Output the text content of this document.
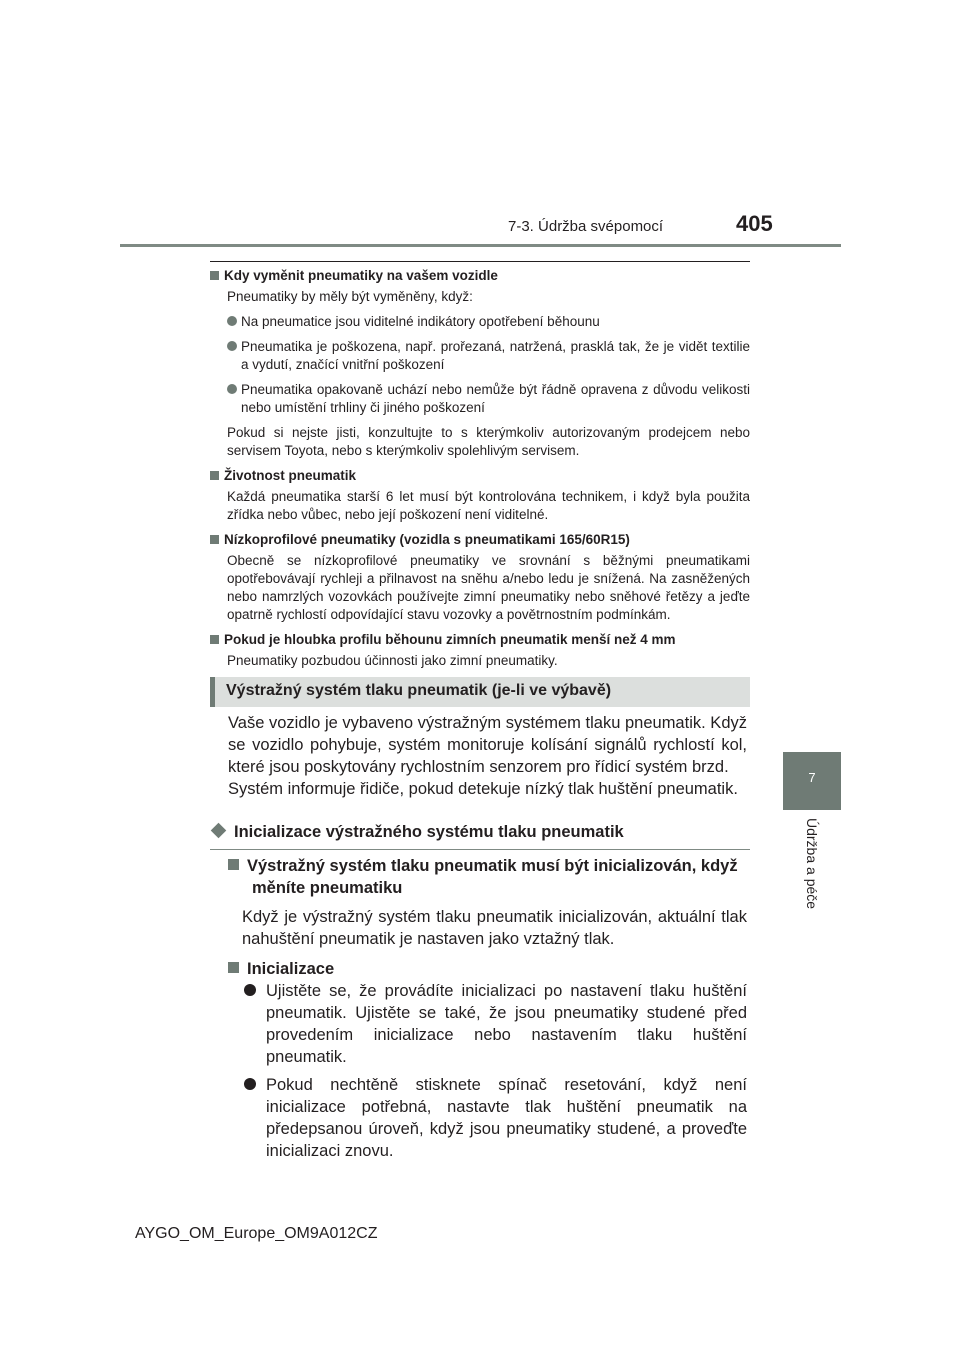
7-3. Údržba svépomocí	405
7
Údržba a péče
Kdy vyměnit pneumatiky na vašem vozidle
Pneumatiky by měly být vyměněny, když:
Na pneumatice jsou viditelné indikátory opotřebení běhounu
Pneumatika je poškozena, např. prořezaná, natržená, prasklá tak, že je vidět textilie a vydutí, značící vnitřní poškození
Pneumatika opakovaně uchází nebo nemůže být řádně opravena z důvodu velikosti nebo umístění trhliny či jiného poškození
Pokud si nejste jisti, konzultujte to s kterýmkoliv autorizovaným prodejcem nebo servisem Toyota, nebo s kterýmkoliv spolehlivým servisem.
Životnost pneumatik
Každá pneumatika starší 6 let musí být kontrolována technikem, i když byla použita zřídka nebo vůbec, nebo její poškození není viditelné.
Nízkoprofilové pneumatiky (vozidla s pneumatikami 165/60R15)
Obecně se nízkoprofilové pneumatiky ve srovnání s běžnými pneumatikami opotřebovávají rychleji a přilnavost na sněhu a/nebo ledu je snížená. Na zasněžených nebo namrzlých vozovkách používejte zimní pneumatiky nebo sněhové řetězy a jeďte opatrně rychlostí odpovídající stavu vozovky a povětrnostním podmínkám.
Pokud je hloubka profilu běhounu zimních pneumatik menší než 4 mm
Pneumatiky pozbudou účinnosti jako zimní pneumatiky.
Výstražný systém tlaku pneumatik (je-li ve výbavě)
Vaše vozidlo je vybaveno výstražným systémem tlaku pneumatik. Když se vozidlo pohybuje, systém monitoruje kolísání signálů rychlostí kol, které jsou poskytovány rychlostním senzorem pro řídicí systém brzd.
Systém informuje řidiče, pokud detekuje nízký tlak huštění pneumatik.
Inicializace výstražného systému tlaku pneumatik
Výstražný systém tlaku pneumatik musí být inicializován, když měníte pneumatiku
Když je výstražný systém tlaku pneumatik inicializován, aktuální tlak nahuštění pneumatik je nastaven jako vztažný tlak.
Inicializace
Ujistěte se, že provádíte inicializaci po nastavení tlaku huštění pneumatik. Ujistěte se také, že jsou pneumatiky studené před provedením inicializace nebo nastavením tlaku huštění pneumatik.
Pokud nechtěně stisknete spínač resetování, když není inicializace potřebná, nastavte tlak huštění pneumatik na předepsanou úroveň, když jsou pneumatiky studené, a proveďte inicializaci znovu.
AYGO_OM_Europe_OM9A012CZ
